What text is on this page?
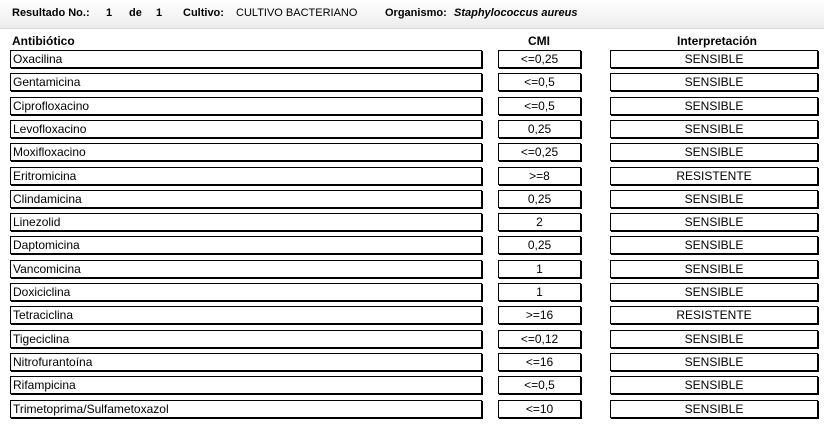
Resultado No.: 1 de 1 Cultivo: CULTIVO BACTERIANO	Organismo: Staphylococcus aureus
Antibiótico	CMI	Interpretación
Oxacilina	<=0,25	SENSIBLE
Gentamicina	<=0,5	SENSIBLE
Ciprofloxacino	<=0,5	SENSIBLE
Levofloxacino	0,25	SENSIBLE
Moxifloxacino	<=0,25	SENSIBLE
Eritromicina	>=8	RESISTENTE
Clindamicina	0,25	SENSIBLE
Linezolid	2	SENSIBLE
Daptomicina	0,25	SENSIBLE
Vancomicina	1	SENSIBLE
Doxiciclina	1	SENSIBLE
Tetraciclina	>=16	RESISTENTE
Tigeciclina	<=0,12	SENSIBLE
Nitrofurantoína	<=16	SENSIBLE
Rifampicina	<=0,5	SENSIBLE
Trimetoprima/Sulfametoxazol	<=10	SENSIBLE
